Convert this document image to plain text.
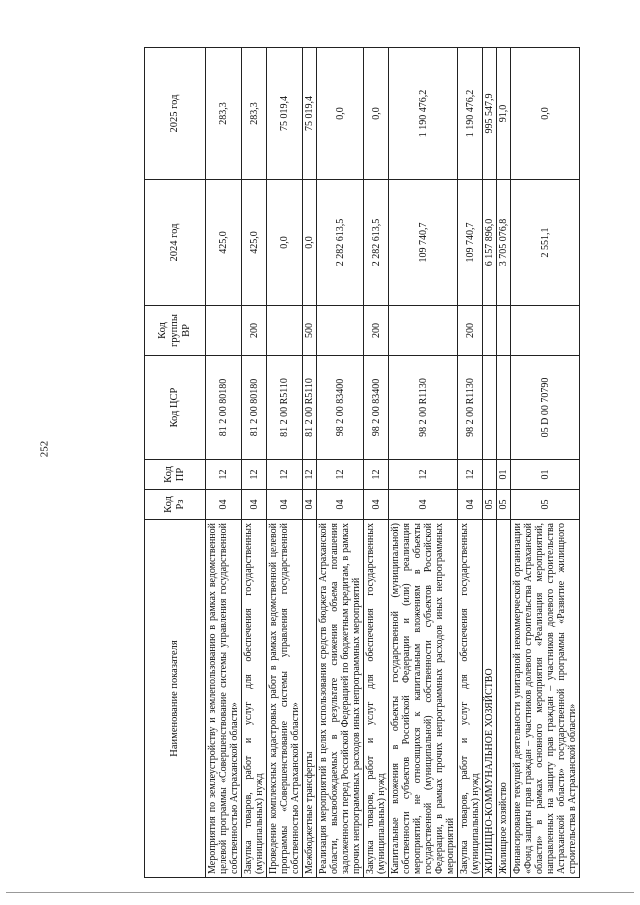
252
Наименование показателя	Код Рз	Код ПР	Код ЦСР	Код группы ВР	2024 год	2025 год
Мероприятия по землеустройству и землепользованию в рамках ведомственной целевой программы «Совершенствование системы управления государственной собственностью Астраханской области»	04	12	81 2 00 80180		425,0	283,3
Закупка товаров, работ и услуг для обеспечения государственных (муниципальных) нужд	04	12	81 2 00 80180	200	425,0	283,3
Проведение комплексных кадастровых работ в рамках ведомственной целевой программы «Совершенствование системы управления государственной собственностью Астраханской области»	04	12	81 2 00 R5110		0,0	75 019,4
Межбюджетные трансферты	04	12	81 2 00 R5110	500	0,0	75 019,4
Реализация мероприятий в целях использования средств бюджета Астраханской области, высвобождаемых в результате снижения объема погашения задолженности перед Российской Федерацией по бюджетным кредитам, в рамках прочих непрограммных расходов иных непрограммных мероприятий	04	12	98 2 00 83400		2 282 613,5	0,0
Закупка товаров, работ и услуг для обеспечения государственных (муниципальных) нужд	04	12	98 2 00 83400	200	2 282 613,5	0,0
Капитальные вложения в объекты государственной (муниципальной) собственности субъектов Российской Федерации и (или) реализация мероприятий, не относящихся к капитальным вложениям в объекты государственной (муниципальной) собственности субъектов Российской Федерации, в рамках прочих непрограммных расходов иных непрограммных мероприятий	04	12	98 2 00 R1130		109 740,7	1 190 476,2
Закупка товаров, работ и услуг для обеспечения государственных (муниципальных) нужд	04	12	98 2 00 R1130	200	109 740,7	1 190 476,2
ЖИЛИЩНО-КОММУНАЛЬНОЕ ХОЗЯЙСТВО	05				6 157 896,0	995 547,9
Жилищное хозяйство	05	01			3 705 076,8	91,0
Финансирование текущей деятельности унитарной некоммерческой организации «Фонд защиты прав граждан – участников долевого строительства Астраханской области» в рамках основного мероприятия «Реализация мероприятий, направленных на защиту прав граждан – участников долевого строительства Астраханской области» государственной программы «Развитие жилищного строительства в Астраханской области»	05	01	05 D 00 70790		2 551,1	0,0
